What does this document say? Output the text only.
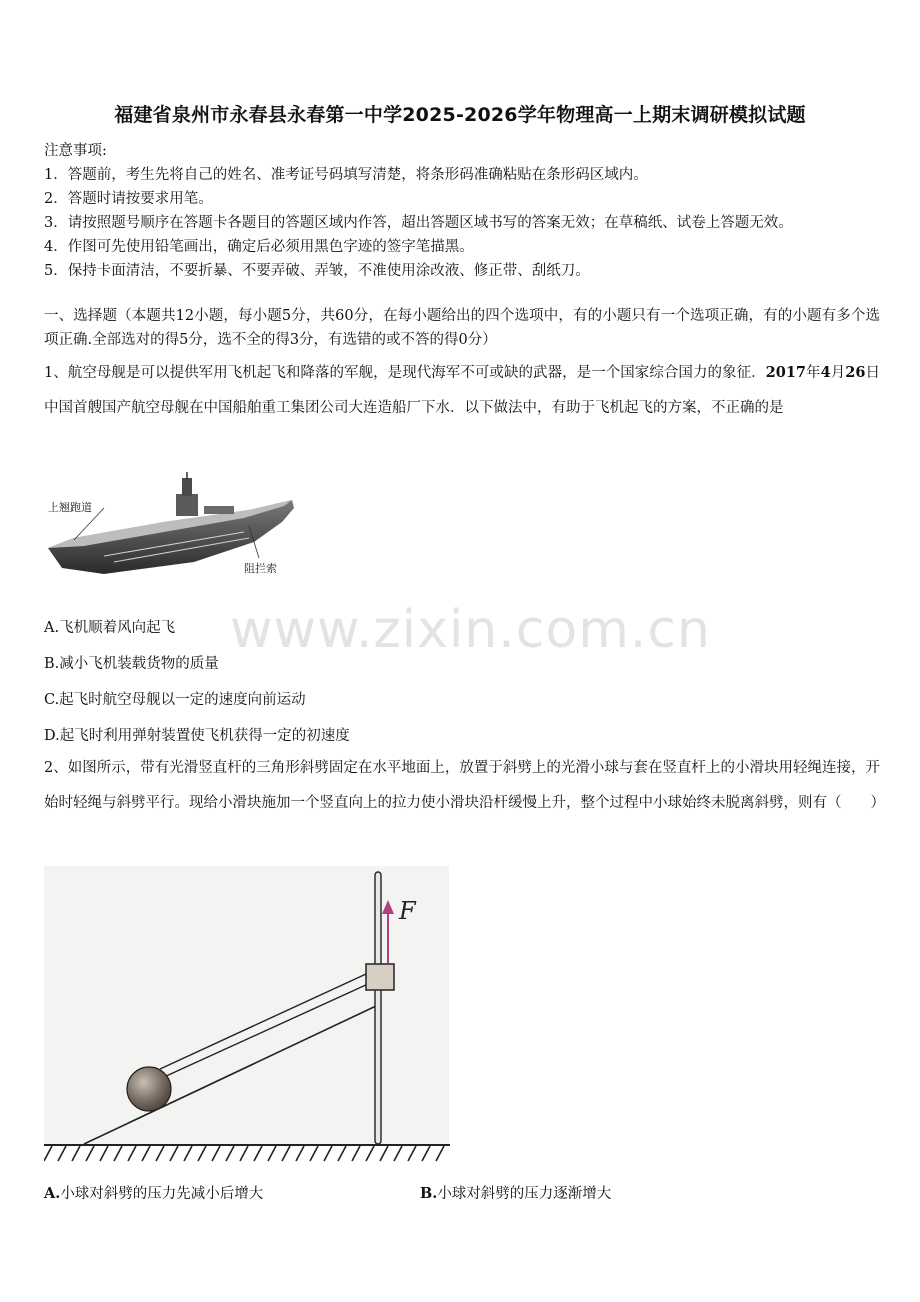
福建省泉州市永春县永春第一中学2025-2026学年物理高一上期末调研模拟试题
注意事项:
1．答题前，考生先将自己的姓名、准考证号码填写清楚，将条形码准确粘贴在条形码区域内。
2．答题时请按要求用笔。
3．请按照题号顺序在答题卡各题目的答题区域内作答，超出答题区域书写的答案无效；在草稿纸、试卷上答题无效。
4．作图可先使用铅笔画出，确定后必须用黑色字迹的签字笔描黑。
5．保持卡面清洁，不要折暴、不要弄破、弄皱，不准使用涂改液、修正带、刮纸刀。
一、选择题（本题共12小题，每小题5分，共60分，在每小题给出的四个选项中，有的小题只有一个选项正确，有的小题有多个选项正确.全部选对的得5分，选不全的得3分，有选错的或不答的得0分）
1、航空母舰是可以提供军用飞机起飞和降落的军舰，是现代海军不可或缺的武器，是一个国家综合国力的象征．2017年4月26日中国首艘国产航空母舰在中国船舶重工集团公司大连造船厂下水．以下做法中，有助于飞机起飞的方案，不正确的是
上翘跑道
阻拦索
www.zixin.com.cn
A.飞机顺着风向起飞
B.减小飞机装载货物的质量
C.起飞时航空母舰以一定的速度向前运动
D.起飞时利用弹射装置使飞机获得一定的初速度
2、如图所示，带有光滑竖直杆的三角形斜劈固定在水平地面上，放置于斜劈上的光滑小球与套在竖直杆上的小滑块用轻绳连接，开始时轻绳与斜劈平行。现给小滑块施加一个竖直向上的拉力使小滑块沿杆缓慢上升，整个过程中小球始终未脱离斜劈，则有（　　）
F
A.小球对斜劈的压力先减小后增大	B.小球对斜劈的压力逐渐增大
